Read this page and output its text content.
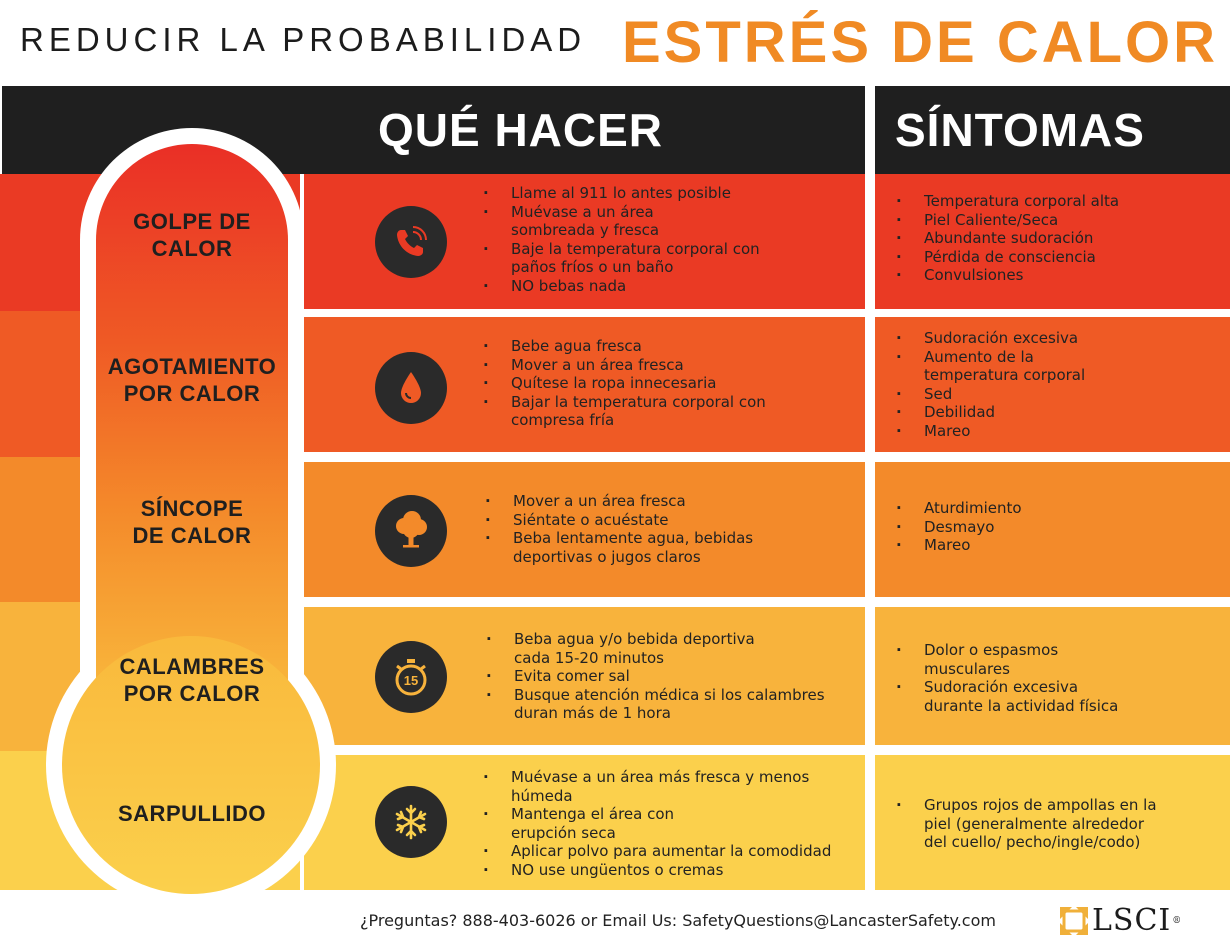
REDUCIR LA PROBABILIDAD ESTRÉS DE CALOR
QUÉ HACER	SÍNTOMAS
GOLPE DE
CALOR
AGOTAMIENTO
POR CALOR
SÍNCOPE
DE CALOR
CALAMBRES
POR CALOR
SARPULLIDO
15
· Llame al 911 lo antes posible
· Muévase a un área sombreada y fresca
· Baje la temperatura corporal con paños fríos o un baño
· NO bebas nada
· Bebe agua fresca
· Mover a un área fresca
· Quítese la ropa innecesaria
· Bajar la temperatura corporal con compresa fría
· Mover a un área fresca
· Siéntate o acuéstate
· Beba lentamente agua, bebidas deportivas o jugos claros
· Beba agua y/o bebida deportiva cada 15-20 minutos
· Evita comer sal
· Busque atención médica si los calambres duran más de 1 hora
· Muévase a un área más fresca y menos húmeda
· Mantenga el área con erupción seca
· Aplicar polvo para aumentar la comodidad
· NO use ungüentos o cremas
· Temperatura corporal alta
· Piel Caliente/Seca
· Abundante sudoración
· Pérdida de consciencia
· Convulsiones
· Sudoración excesiva
· Aumento de la temperatura corporal
· Sed
· Debilidad
· Mareo
· Aturdimiento
· Desmayo
· Mareo
· Dolor o espasmos musculares
· Sudoración excesiva durante la actividad física
· Grupos rojos de ampollas en la piel (generalmente alrededor del cuello/ pecho/ingle/codo)
¿Preguntas? 888-403-6026 or Email Us: SafetyQuestions@LancasterSafety.com	LSCI®
